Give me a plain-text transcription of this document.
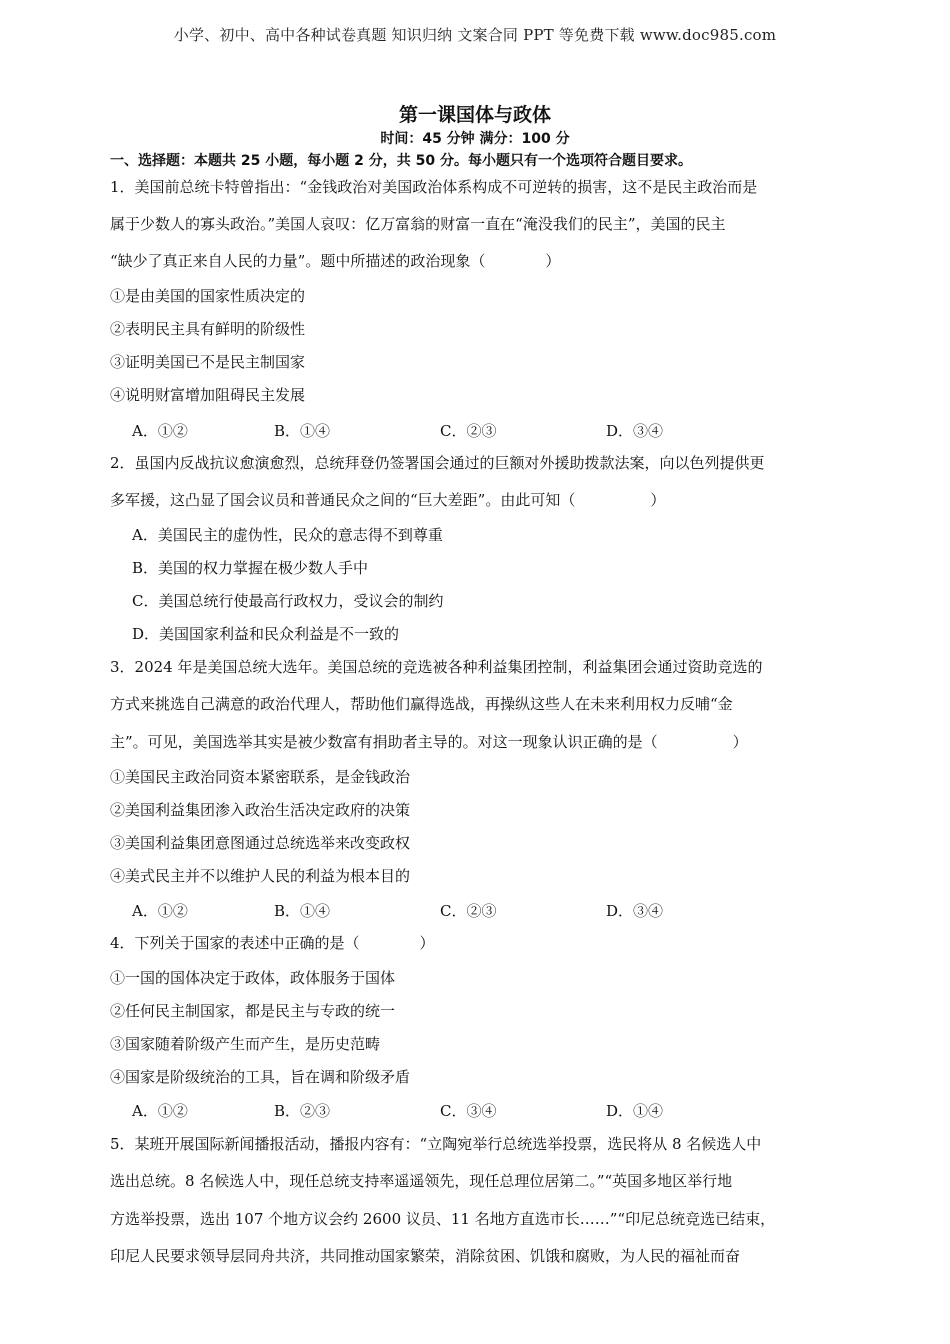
小学、初中、高中各种试卷真题 知识归纳 文案合同 PPT 等免费下载 www.doc985.com
第一课国体与政体
时间：45 分钟 满分：100 分
一、选择题：本题共 25 小题，每小题 2 分，共 50 分。每小题只有一个选项符合题目要求。
1．美国前总统卡特曾指出：“金钱政治对美国政治体系构成不可逆转的损害，这不是民主政治而是
属于少数人的寡头政治。”美国人哀叹：亿万富翁的财富一直在“淹没我们的民主”，美国的民主
“缺少了真正来自人民的力量”。题中所描述的政治现象（　　　　）
①是由美国的国家性质决定的
②表明民主具有鲜明的阶级性
③证明美国已不是民主制国家
④说明财富增加阻碍民主发展
A．①②	B．①④	C．②③	D．③④
2．虽国内反战抗议愈演愈烈，总统拜登仍签署国会通过的巨额对外援助拨款法案，向以色列提供更
多军援，这凸显了国会议员和普通民众之间的“巨大差距”。由此可知（　　　　　）
A．美国民主的虚伪性，民众的意志得不到尊重
B．美国的权力掌握在极少数人手中
C．美国总统行使最高行政权力，受议会的制约
D．美国国家利益和民众利益是不一致的
3．2024 年是美国总统大选年。美国总统的竞选被各种利益集团控制，利益集团会通过资助竞选的
方式来挑选自己满意的政治代理人，帮助他们赢得选战，再操纵这些人在未来利用权力反哺“金
主”。可见，美国选举其实是被少数富有捐助者主导的。对这一现象认识正确的是（　　　　　）
①美国民主政治同资本紧密联系，是金钱政治
②美国利益集团渗入政治生活决定政府的决策
③美国利益集团意图通过总统选举来改变政权
④美式民主并不以维护人民的利益为根本目的
A．①②	B．①④	C．②③	D．③④
4．下列关于国家的表述中正确的是（　　　　）
①一国的国体决定于政体，政体服务于国体
②任何民主制国家，都是民主与专政的统一
③国家随着阶级产生而产生，是历史范畴
④国家是阶级统治的工具，旨在调和阶级矛盾
A．①②	B．②③	C．③④	D．①④
5．某班开展国际新闻播报活动，播报内容有：“立陶宛举行总统选举投票，选民将从 8 名候选人中
选出总统。8 名候选人中，现任总统支持率遥遥领先，现任总理位居第二。”“英国多地区举行地
方选举投票，选出 107 个地方议会约 2600 议员、11 名地方直选市长……”“印尼总统竞选已结束，
印尼人民要求领导层同舟共济，共同推动国家繁荣，消除贫困、饥饿和腐败，为人民的福祉而奋
